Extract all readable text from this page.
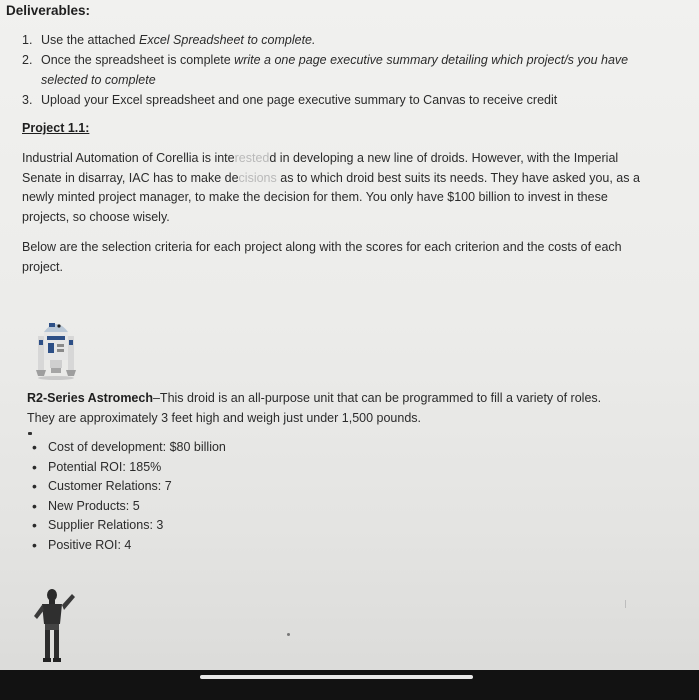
Deliverables:
1. Use the attached Excel Spreadsheet to complete.
2. Once the spreadsheet is complete write a one page executive summary detailing which project/s you have selected to complete
3. Upload your Excel spreadsheet and one page executive summary to Canvas to receive credit
Project 1.1:

Industrial Automation of Corellia is interestedd in developing a new line of droids. However, with the Imperial Senate in disarray, IAC has to make decisions as to which droid best suits its needs. They have asked you, as a newly minted project manager, to make the decision for them. You only have $100 billion to invest in these projects, so choose wisely.

Below are the selection criteria for each project along with the scores for each criterion and the costs of each project.

R2-Series Astromech–This droid is an all-purpose unit that can be programmed to fill a variety of roles. They are approximately 3 feet high and weigh just under 1,500 pounds.

• Cost of development: $80 billion
• Potential ROI: 185%
• Customer Relations: 7
• New Products: 5
• Supplier Relations: 3
• Positive ROI: 4
